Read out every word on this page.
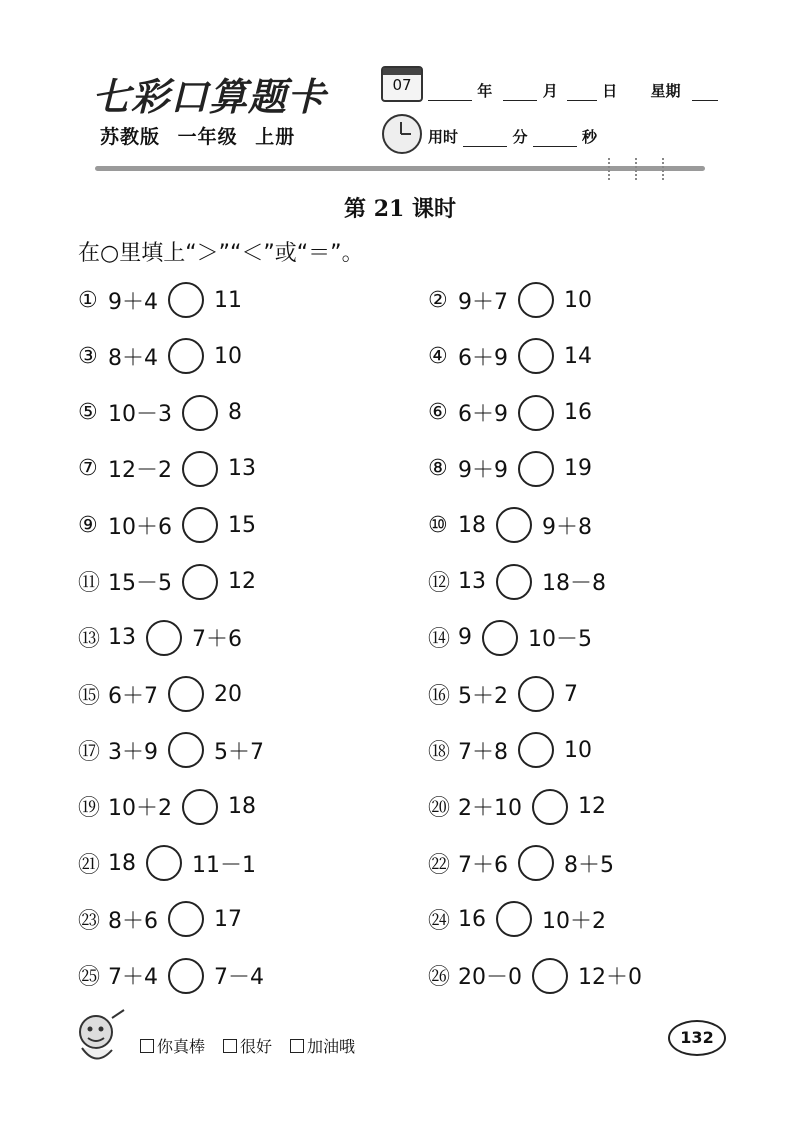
七彩口算题卡
苏教版 一年级 上册
07	年	月	日 星期
用时	分	秒
第 21 课时
在○里填上“＞”“＜”或“＝”。
① 9＋4	11	② 9＋7	10
③ 8＋4	10	④ 6＋9	14
⑤ 10－3	8	⑥ 6＋9	16
⑦ 12－2	13	⑧ 9＋9	19
⑨ 10＋6	15	⑩ 18	9＋8
⑪ 15－5	12	⑫ 13	18－8
⑬ 13	7＋6	⑭ 9	10－5
⑮ 6＋7	20	⑯ 5＋2	7
⑰ 3＋9	5＋7	⑱ 7＋8	10
⑲ 10＋2	18	⑳ 2＋10	12
㉑ 18	11－1	㉒ 7＋6	8＋5
㉓ 8＋6	17	㉔ 16	10＋2
㉕ 7＋4	7－4	㉖ 20－0	12＋0
你真棒 很好 加油哦	132
